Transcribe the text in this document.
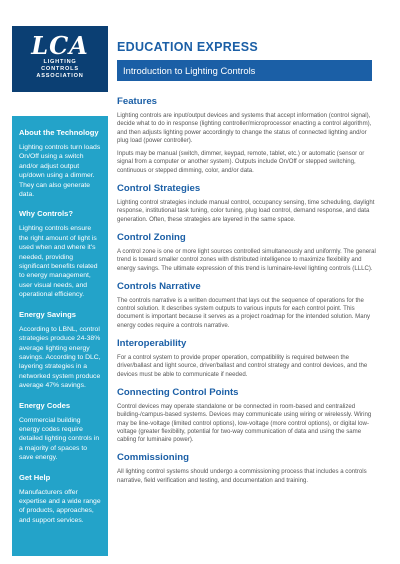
LCA
LIGHTING
CONTROLS
ASSOCIATION
EDUCATION EXPRESS
Introduction to Lighting Controls
About the Technology
Lighting controls turn loads On/Off using a switch and/or adjust output up/down using a dimmer. They can also generate data.
Why Controls?
Lighting controls ensure the right amount of light is used when and where it's needed, providing significant benefits related to energy management, user visual needs, and operational efficiency.
Energy Savings
According to LBNL, control strategies produce 24-38% average lighting energy savings. According to DLC, layering strategies in a networked system produce average 47% savings.
Energy Codes
Commercial building energy codes require detailed lighting controls in a majority of spaces to save energy.
Get Help
Manufacturers offer expertise and a wide range of products, approaches, and support services.
Features

Lighting controls are input/output devices and systems that accept information (control signal), decide what to do in response (lighting controller/microprocessor enacting a control algorithm), and then adjusts lighting power accordingly to change the status of connected lighting and/or plug load (power controller).

Inputs may be manual (switch, dimmer, keypad, remote, tablet, etc.) or automatic (sensor or signal from a computer or another system). Outputs include On/Off or stepped switching, continuous or stepped dimming, color, and/or data.

Control Strategies

Lighting control strategies include manual control, occupancy sensing, time scheduling, daylight response, institutional task tuning, color tuning, plug load control, demand response, and data generation. Often, these strategies are layered in the same space.

Control Zoning

A control zone is one or more light sources controlled simultaneously and uniformly. The general trend is toward smaller control zones with distributed intelligence to maximize flexibility and energy savings. The ultimate expression of this trend is luminaire-level lighting controls (LLLC).

Controls Narrative

The controls narrative is a written document that lays out the sequence of operations for the control solution. It describes system outputs to various inputs for each control point. This document is important because it serves as a project roadmap for the intended solution. Many energy codes require a controls narrative.

Interoperability

For a control system to provide proper operation, compatibility is required between the driver/ballast and light source, driver/ballast and control strategy and control devices, and the devices must be able to communicate if needed.

Connecting Control Points

Control devices may operate standalone or be connected in room-based and centralized building-/campus-based systems. Devices may communicate using wiring or wirelessly. Wiring may be line-voltage (limited control options), low-voltage (more control options), or digital low-voltage (greater flexibility, potential for two-way communication of data and using the same cabling for luminaire power).

Commissioning

All lighting control systems should undergo a commissioning process that includes a controls narrative, field verification and testing, and documentation and training.
